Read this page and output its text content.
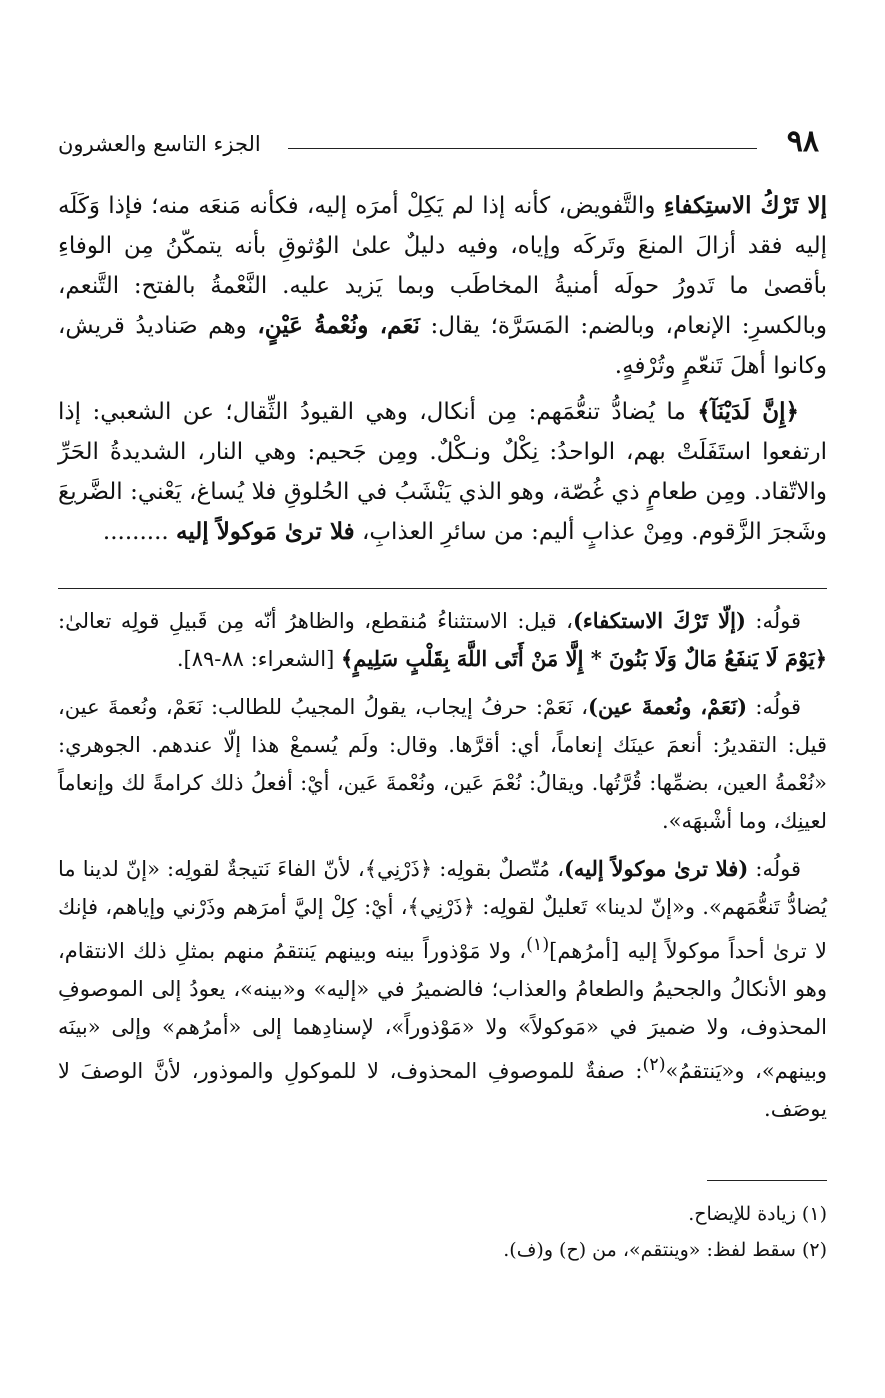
٩٨
الجزء التاسع والعشرون

إلا تَرْكُ الاستِكفاءِ والتَّفويض، كأنه إذا لم يَكِلْ أمرَه إليه، فكأنه مَنعَه منه؛ فإذا وَكَلَه إليه فقد أزالَ المنعَ وتَركَه وإياه، وفيه دليلٌ علىٰ الوُثوقِ بأنه يتمكّنُ مِن الوفاءِ بأقصىٰ ما تَدورُ حولَه أمنيةُ المخاطَب وبما يَزيد عليه. النَّعْمةُ بالفتح: التَّنعم، وبالكسرِ: الإنعام، وبالضم: المَسَرَّة؛ يقال: نَعَم، ونُعْمةُ عَيْنٍ، وهم صَناديدُ قريش، وكانوا أهلَ تَنعّمٍ وتُرْفهٍ.

﴿إِنَّ لَدَيْنَآ﴾ ما يُضادُّ تنعُّمَهم: مِن أنكال، وهي القيودُ الثِّقال؛ عن الشعبي: إذا ارتفعوا استَفَلَتْ بهم، الواحدُ: نِكْلٌ ونـكْلٌ. ومِن جَحيم: وهي النار، الشديدةُ الحَرِّ والاتّقاد. ومِن طعامٍ ذي غُصّة، وهو الذي يَنْشَبُ في الحُلوقِ فلا يُساغ، يَعْني: الضَّريعَ وشَجرَ الزَّقوم. ومِنْ عذابٍ أليم: من سائرِ العذابِ، فلا ترىٰ مَوكولاً إليه .........

قولُه: (إلّا تَرْكَ الاستكفاء)، قيل: الاستثناءُ مُنقطع، والظاهرُ أنّه مِن قَبيلِ قولِه تعالىٰ: ﴿يَوْمَ لَا يَنفَعُ مَالٌ وَلَا بَنُونَ * إِلَّا مَنْ أَتَى اللَّهَ بِقَلْبٍ سَلِيمٍ﴾ [الشعراء: ٨٨-٨٩].

قولُه: (نَعَمْ، ونُعمةَ عين)، نَعَمْ: حرفُ إيجاب، يقولُ المجيبُ للطالب: نَعَمْ، ونُعمةَ عين، قيل: التقديرُ: أنعمَ عينَك إنعاماً، أي: أقرَّها. وقال: ولَم يُسمعْ هذا إلّا عندهم. الجوهري: «نُعْمةُ العين، بضمِّها: قُرَّتُها. ويقالُ: نُعْمَ عَين، ونُعْمةَ عَين، أيْ: أفعلُ ذلك كرامةً لك وإنعاماً لعينِك، وما أشْبهَه».

قولُه: (فلا ترىٰ موكولاً إليه)، مُتّصلٌ بقولِه: ﴿ذَرْنِي﴾، لأنّ الفاءَ نَتيجةٌ لقولِه: «إنّ لدينا ما يُضادُّ تَنعُّمَهم». و«إنّ لدينا» تَعليلٌ لقولِه: ﴿ذَرْنِي﴾، أيْ: كِلْ إليَّ أمرَهم وذَرْني وإياهم، فإنك لا ترىٰ أحداً موكولاً إليه [أمرُهم]$^{(١)}$، ولا مَوْذوراً بينه وبينهم يَنتقمُ منهم بمثلِ ذلك الانتقام، وهو الأنكالُ والجحيمُ والطعامُ والعذاب؛ فالضميرُ في «إليه» و«بينه»، يعودُ إلى الموصوفِ المحذوف، ولا ضميرَ في «مَوكولاً» ولا «مَوْذوراً»، لإسنادِهما إلى «أمرُهم» وإلى «بينَه وبينهم»، و«يَنتقمُ»$^{(٢)}$: صفةٌ للموصوفِ المحذوف، لا للموكولِ والموذور، لأنَّ الوصفَ لا يوصَف.

(١) زيادة للإيضاح.
(٢) سقط لفظ: «وينتقم»، من (ح) و(ف).
